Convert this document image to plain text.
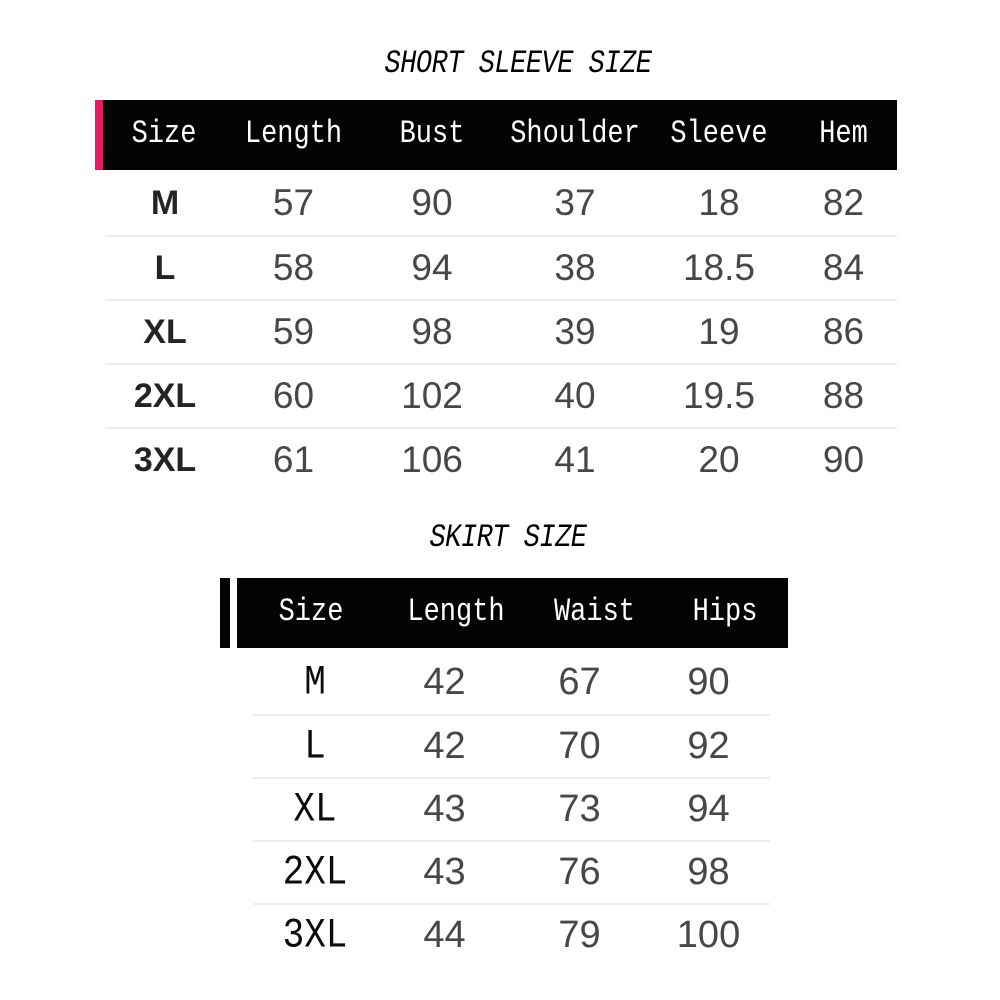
SHORT SLEEVE SIZE
Size	Length	Bust	Shoulder	Sleeve	Hem
M	57	90	37	18	82
L	58	94	38	18.5	84
XL	59	98	39	19	86
2XL	60	102	40	19.5	88
3XL	61	106	41	20	90
SKIRT SIZE
Size	Length	Waist	Hips
M	42	67	90
L	42	70	92
XL	43	73	94
2XL	43	76	98
3XL	44	79	100
